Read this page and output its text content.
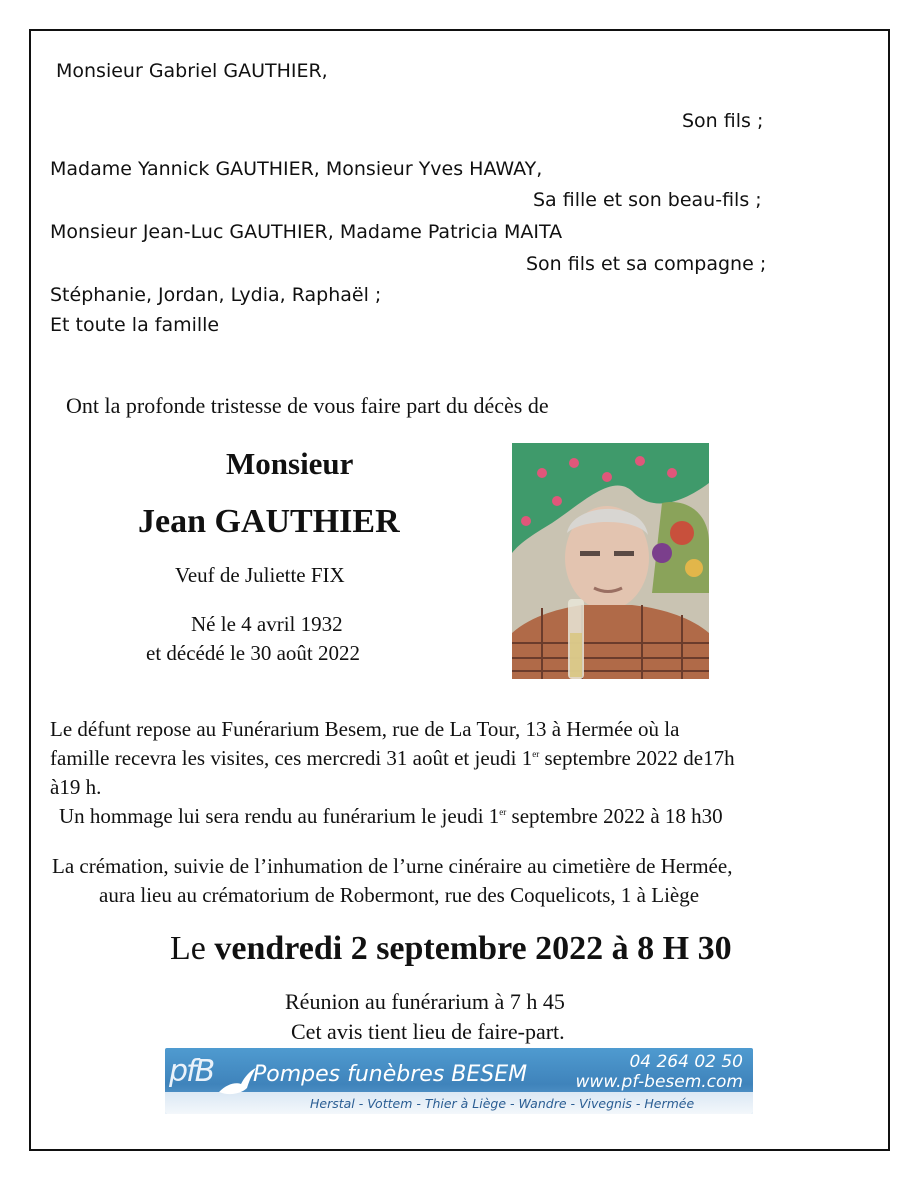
Monsieur Gabriel GAUTHIER,
Son fils ;
Madame Yannick GAUTHIER, Monsieur Yves HAWAY,
Sa fille et son beau-fils ;
Monsieur Jean-Luc GAUTHIER, Madame Patricia MAITA
Son fils et sa compagne ;
Stéphanie, Jordan, Lydia, Raphaël ;
Et toute la famille
Ont la profonde tristesse de vous faire part du décès de
Monsieur
Jean GAUTHIER
Veuf de Juliette FIX
Né le 4 avril 1932
et décédé le 30 août 2022
Le défunt repose au Funérarium Besem, rue de La Tour, 13 à Hermée où la
famille recevra les visites, ces mercredi 31 août et jeudi 1er septembre 2022 de17h
à19 h.
Un hommage lui sera rendu au funérarium le jeudi 1er septembre 2022 à 18 h30
La crémation, suivie de l’inhumation de l’urne cinéraire au cimetière de Hermée,
aura lieu au crématorium de Robermont, rue des Coquelicots, 1 à Liège
Le vendredi 2 septembre 2022 à 8 H 30
Réunion au funérarium à 7 h 45
Cet avis tient lieu de faire-part.
pfB Pompes funèbres BESEM	04 264 02 50
www.pf-besem.com
Herstal - Vottem - Thier à Liège - Wandre - Vivegnis - Hermée
